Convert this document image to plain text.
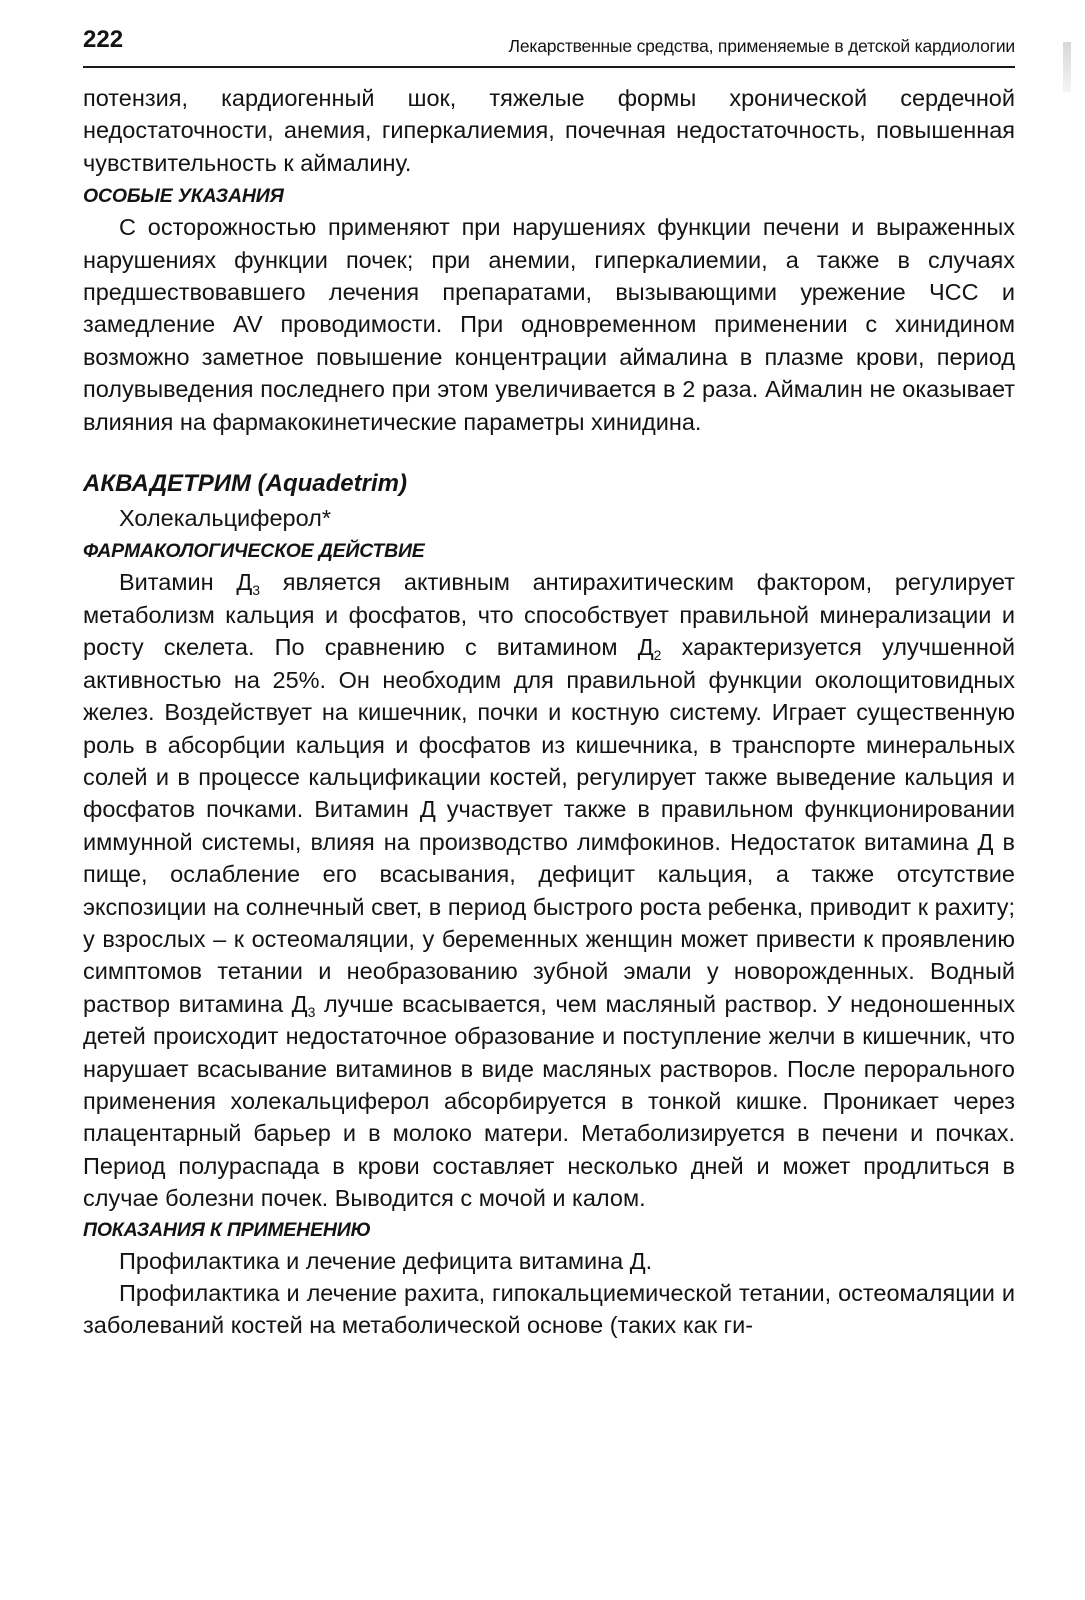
222	Лекарственные средства, применяемые в детской кардиологии

потензия, кардиогенный шок, тяжелые формы хронической сердечной недостаточности, анемия, гиперкалиемия, почечная недостаточность, повышенная чувствительность к аймалину.

ОСОБЫЕ УКАЗАНИЯ

С осторожностью применяют при нарушениях функции печени и выраженных нарушениях функции почек; при анемии, гиперкалиемии, а также в случаях предшествовавшего лечения препаратами, вызывающими урежение ЧСС и замедление AV проводимости. При одновременном применении с хинидином возможно заметное повышение концентрации аймалина в плазме крови, период полувыведения последнего при этом увеличивается в 2 раза. Аймалин не оказывает влияния на фармакокинетические параметры хинидина.

АКВАДЕТРИМ (Aquadetrim)

Холекальциферол*

ФАРМАКОЛОГИЧЕСКОЕ ДЕЙСТВИЕ

Витамин $Д_3$ является активным антирахитическим фактором, регулирует метаболизм кальция и фосфатов, что способствует правильной минерализации и росту скелета. По сравнению с витамином $Д_2$ характеризуется улучшенной активностью на 25%. Он необходим для правильной функции околощитовидных желез. Воздействует на кишечник, почки и костную систему. Играет существенную роль в абсорбции кальция и фосфатов из кишечника, в транспорте минеральных солей и в процессе кальцификации костей, регулирует также выведение кальция и фосфатов почками. Витамин Д участвует также в правильном функционировании иммунной системы, влияя на производство лимфокинов. Недостаток витамина Д в пище, ослабление его всасывания, дефицит кальция, а также отсутствие экспозиции на солнечный свет, в период быстрого роста ребенка, приводит к рахиту; у взрослых – к остеомаляции, у беременных женщин может привести к проявлению симптомов тетании и необразованию зубной эмали у новорожденных. Водный раствор витамина $Д_3$ лучше всасывается, чем масляный раствор. У недоношенных детей происходит недостаточное образование и поступление желчи в кишечник, что нарушает всасывание витаминов в виде масляных растворов. После перорального применения холекальциферол абсорбируется в тонкой кишке. Проникает через плацентарный барьер и в молоко матери. Метаболизируется в печени и почках. Период полураспада в крови составляет несколько дней и может продлиться в случае болезни почек. Выводится с мочой и калом.

ПОКАЗАНИЯ К ПРИМЕНЕНИЮ

Профилактика и лечение дефицита витамина Д.

Профилактика и лечение рахита, гипокальциемической тетании, остеомаляции и заболеваний костей на метаболической основе (таких как ги-
